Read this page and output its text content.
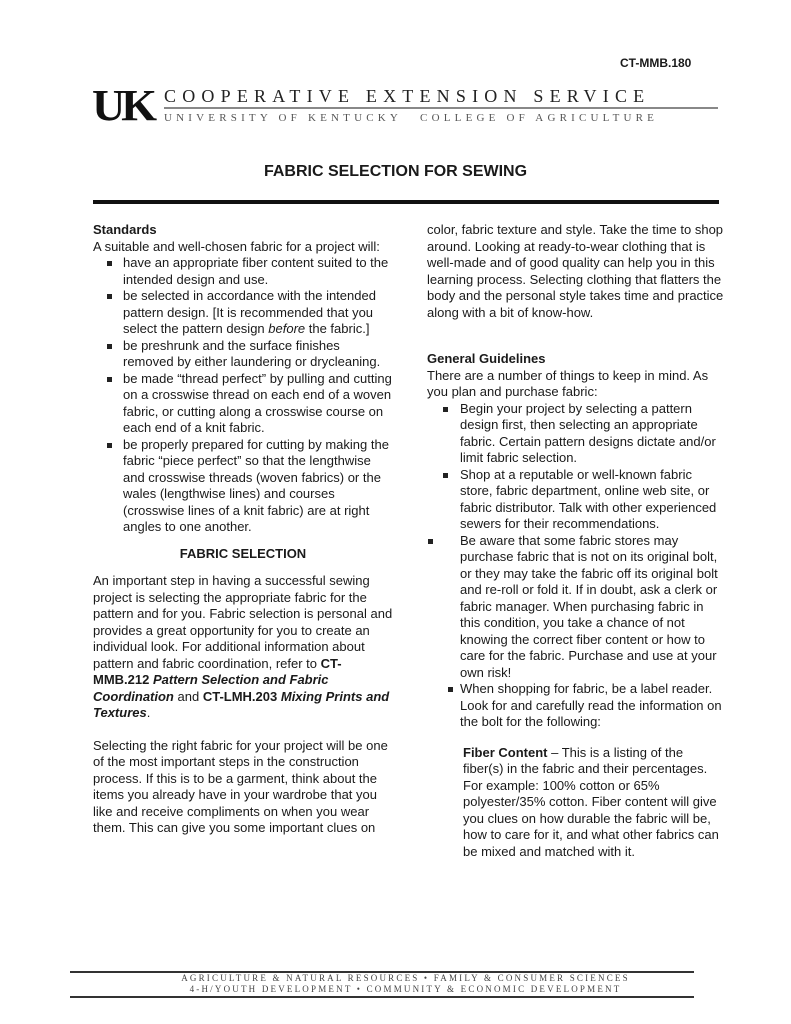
CT-MMB.180
UK COOPERATIVE EXTENSION SERVICE
UNIVERSITY OF KENTUCKY COLLEGE OF AGRICULTURE
FABRIC SELECTION FOR SEWING

Standards

A suitable and well-chosen fabric for a project will:

have an appropriate fiber content suited to the intended design and use.
be selected in accordance with the intended pattern design. [It is recommended that you select the pattern design before the fabric.]
be preshrunk and the surface finishes removed by either laundering or drycleaning.
be made “thread perfect” by pulling and cutting on a crosswise thread on each end of a woven fabric, or cutting along a crosswise course on each end of a knit fabric.
be properly prepared for cutting by making the fabric “piece perfect” so that the lengthwise and crosswise threads (woven fabrics) or the wales (lengthwise lines) and courses (crosswise lines of a knit fabric) are at right angles to one another.

FABRIC SELECTION

An important step in having a successful sewing project is selecting the appropriate fabric for the pattern and for you. Fabric selection is personal and provides a great opportunity for you to create an individual look. For additional information about pattern and fabric coordination, refer to CT-MMB.212 Pattern Selection and Fabric Coordination and CT-LMH.203 Mixing Prints and Textures.

Selecting the right fabric for your project will be one of the most important steps in the construction process. If this is to be a garment, think about the items you already have in your wardrobe that you like and receive compliments on when you wear them. This can give you some important clues on

color, fabric texture and style. Take the time to shop around. Looking at ready-to-wear clothing that is well-made and of good quality can help you in this learning process. Selecting clothing that flatters the body and the personal style takes time and practice along with a bit of know-how.

General Guidelines

There are a number of things to keep in mind. As you plan and purchase fabric:

Begin your project by selecting a pattern design first, then selecting an appropriate fabric. Certain pattern designs dictate and/or limit fabric selection.
Shop at a reputable or well-known fabric store, fabric department, online web site, or fabric distributor. Talk with other experienced sewers for their recommendations.
Be aware that some fabric stores may purchase fabric that is not on its original bolt, or they may take the fabric off its original bolt and re-roll or fold it. If in doubt, ask a clerk or fabric manager. When purchasing fabric in this condition, you take a chance of not knowing the correct fiber content or how to care for the fabric. Purchase and use at your own risk!
When shopping for fabric, be a label reader. Look for and carefully read the information on the bolt for the following:

Fiber Content – This is a listing of the fiber(s) in the fabric and their percentages. For example: 100% cotton or 65% polyester/35% cotton. Fiber content will give you clues on how durable the fabric will be, how to care for it, and what other fabrics can be mixed and matched with it.

AGRICULTURE & NATURAL RESOURCES • FAMILY & CONSUMER SCIENCES
4-H/YOUTH DEVELOPMENT • COMMUNITY & ECONOMIC DEVELOPMENT
